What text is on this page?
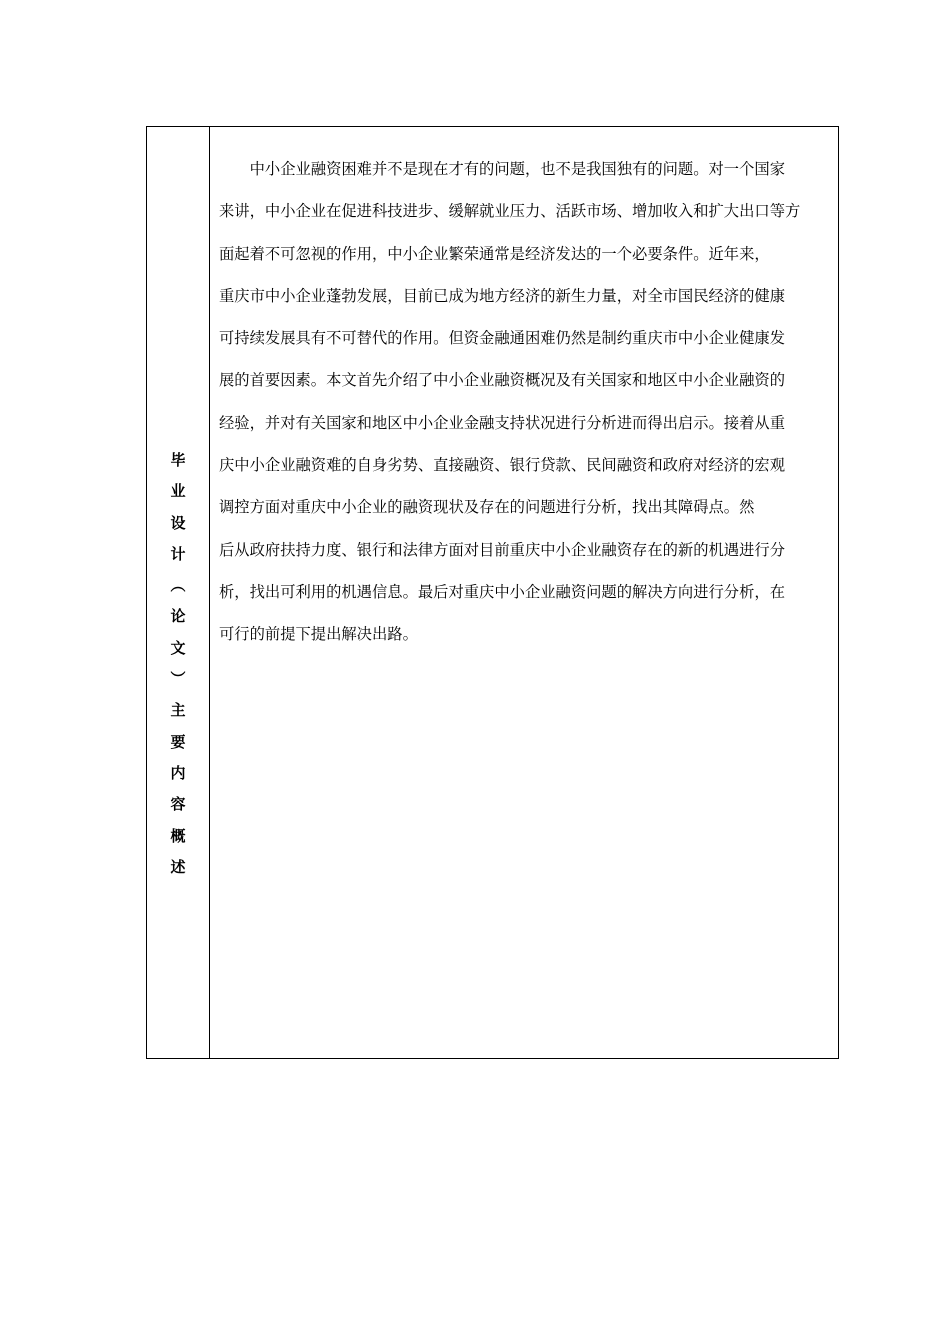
毕
业
设
计
︵
论
文
︶
主
要
内
容
概
述
　　中小企业融资困难并不是现在才有的问题，也不是我国独有的问题。对一个国家
来讲，中小企业在促进科技进步、缓解就业压力、活跃市场、增加收入和扩大出口等方
面起着不可忽视的作用，中小企业繁荣通常是经济发达的一个必要条件。近年来，
重庆市中小企业蓬勃发展，目前已成为地方经济的新生力量，对全市国民经济的健康
可持续发展具有不可替代的作用。但资金融通困难仍然是制约重庆市中小企业健康发
展的首要因素。本文首先介绍了中小企业融资概况及有关国家和地区中小企业融资的
经验，并对有关国家和地区中小企业金融支持状况进行分析进而得出启示。接着从重
庆中小企业融资难的自身劣势、直接融资、银行贷款、民间融资和政府对经济的宏观
调控方面对重庆中小企业的融资现状及存在的问题进行分析，找出其障碍点。然
后从政府扶持力度、银行和法律方面对目前重庆中小企业融资存在的新的机遇进行分
析，找出可利用的机遇信息。最后对重庆中小企业融资问题的解决方向进行分析，在
可行的前提下提出解决出路。
